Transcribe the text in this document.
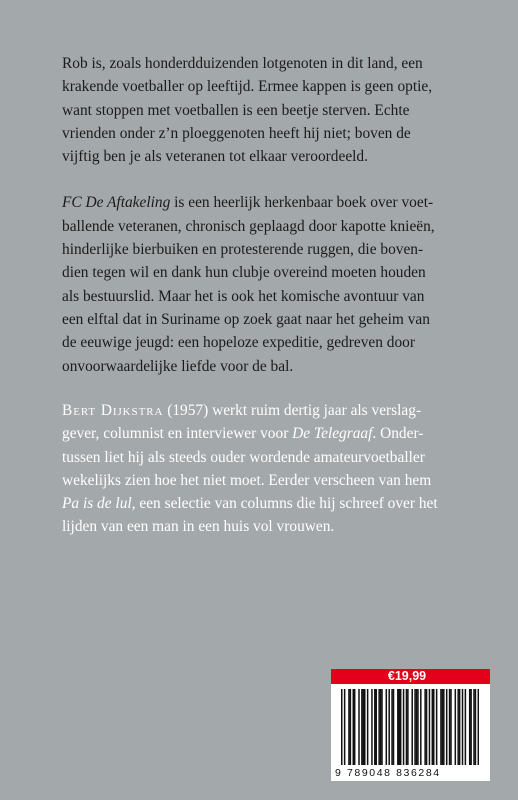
Rob is, zoals honderdduizenden lotgenoten in dit land, een
krakende voetballer op leeftijd. Ermee kappen is geen optie,
want stoppen met voetballen is een beetje sterven. Echte
vrienden onder z’n ploeggenoten heeft hij niet; boven de
vijftig ben je als veteranen tot elkaar veroordeeld.

FC De Aftakeling is een heerlijk herkenbaar boek over voet-
ballende veteranen, chronisch geplaagd door kapotte knieën,
hinderlijke bierbuiken en protesterende ruggen, die boven-
dien tegen wil en dank hun clubje overeind moeten houden
als bestuurslid. Maar het is ook het komische avontuur van
een elftal dat in Suriname op zoek gaat naar het geheim van
de eeuwige jeugd: een hopeloze expeditie, gedreven door
onvoorwaardelijke liefde voor de bal.

Bert Dijkstra (1957) werkt ruim dertig jaar als verslag-
gever, columnist en interviewer voor De Telegraaf. Onder-
tussen liet hij als steeds ouder wordende amateurvoetballer
wekelijks zien hoe het niet moet. Eerder verscheen van hem
Pa is de lul, een selectie van columns die hij schreef over het
lijden van een man in een huis vol vrouwen.

€19,99
9 789048 836284
